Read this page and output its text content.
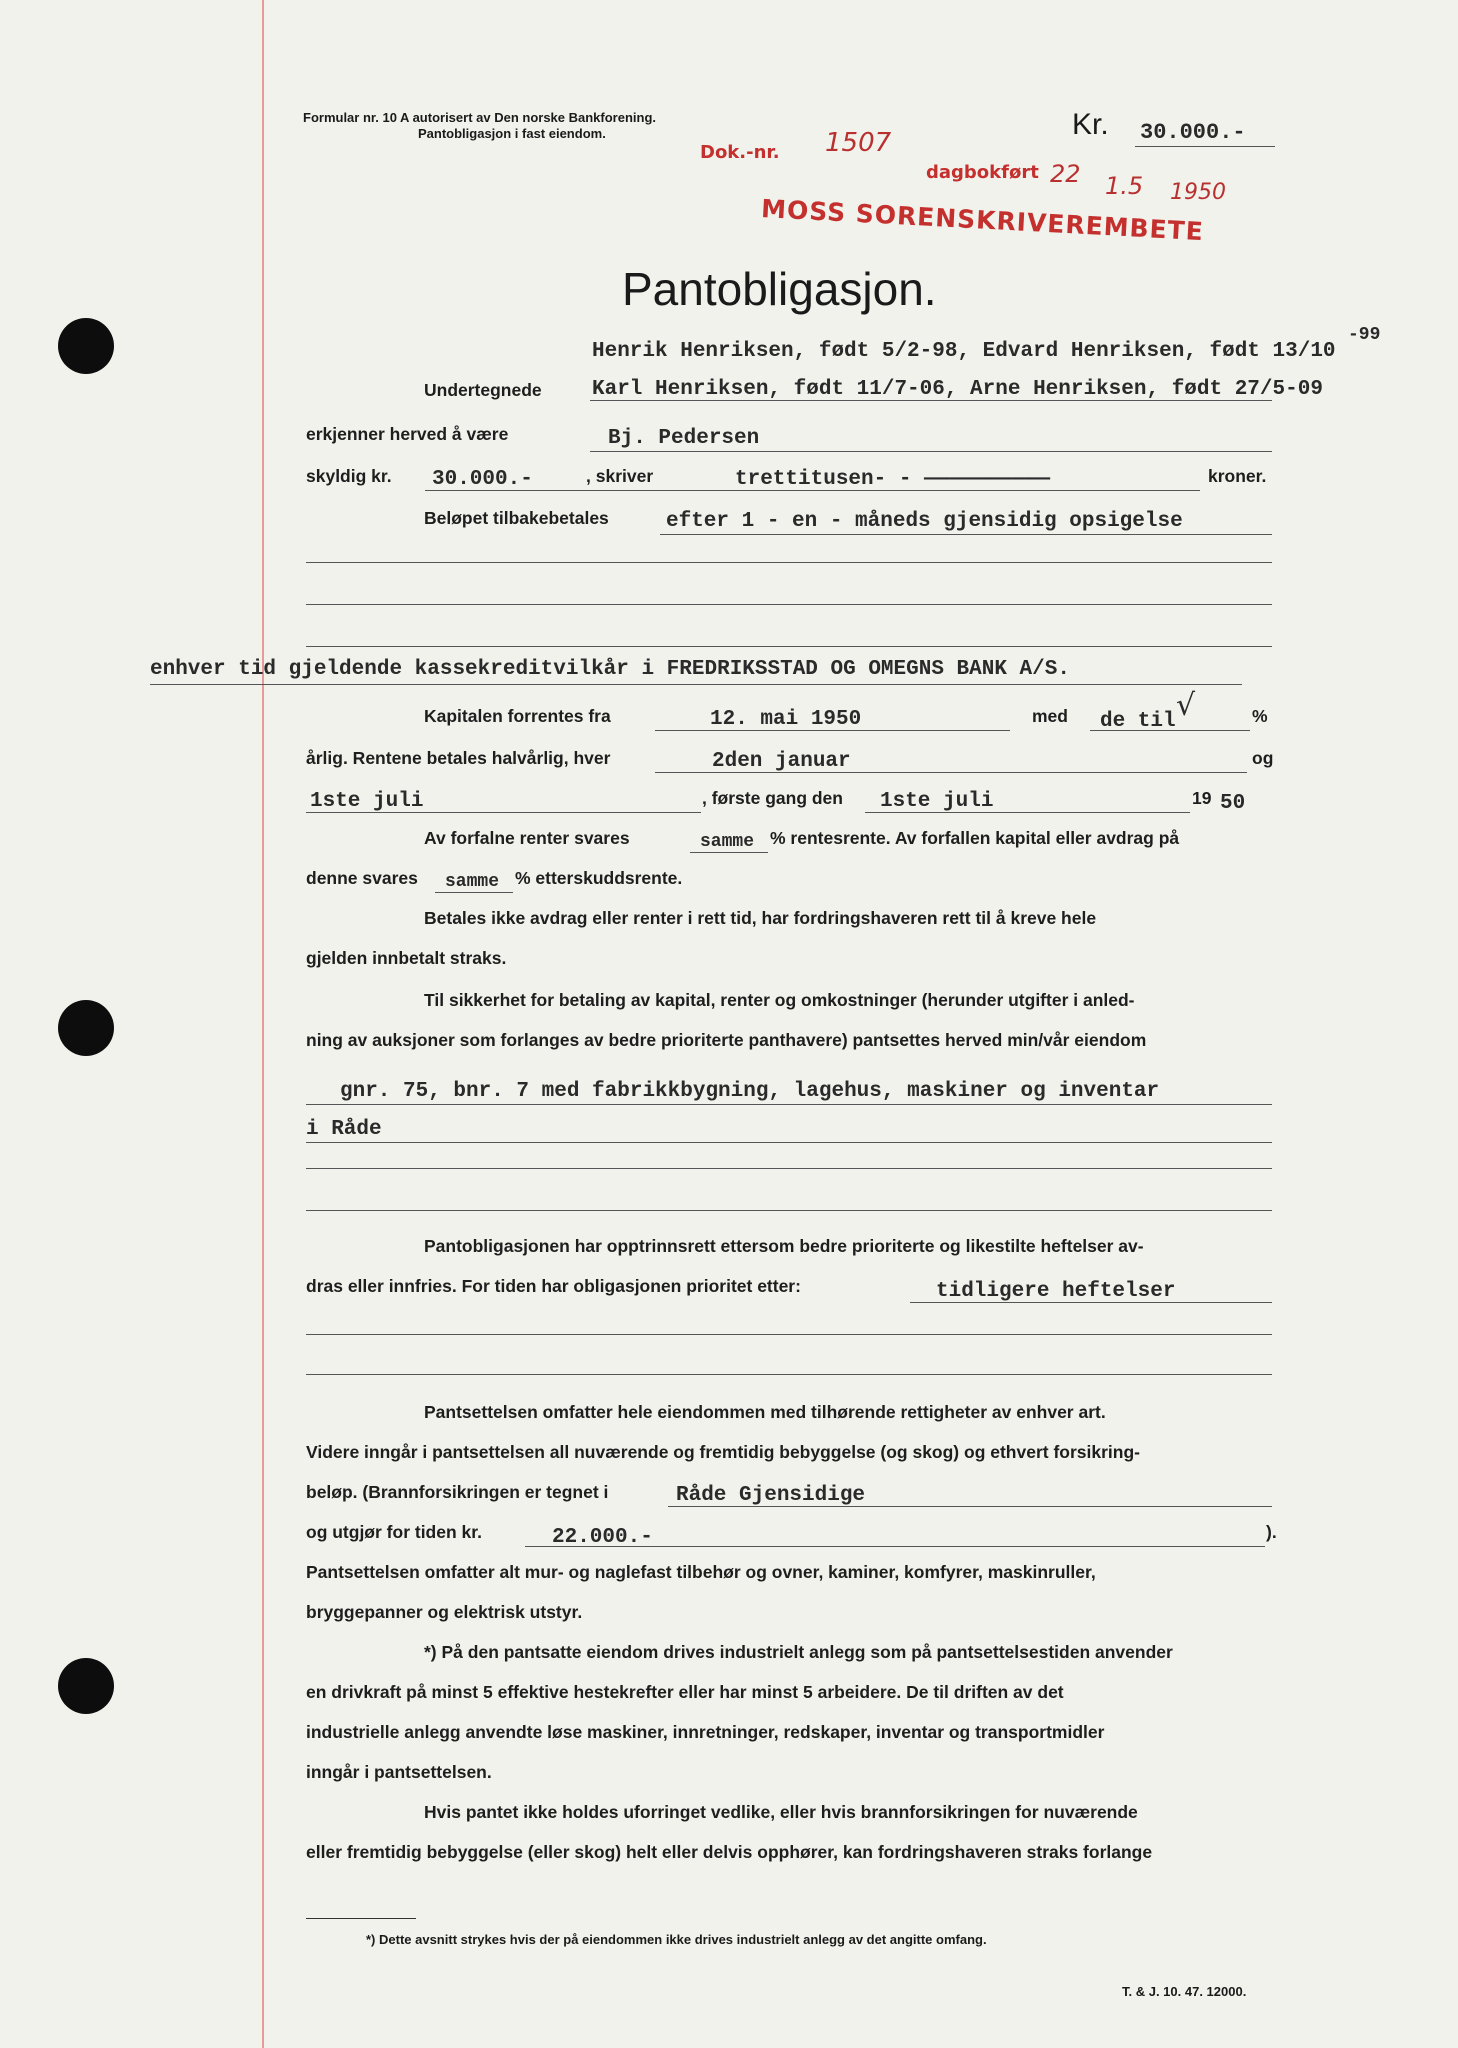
Formular nr. 10 A autorisert av Den norske Bankforening.
Pantobligasjon i fast eiendom.	Kr. 30.000.-
Dok.-nr. 1507
dagbokført 22 1.5 1950
MOSS SORENSKRIVEREMBETE
Pantobligasjon.
Henrik Henriksen, født 5/2-98, Edvard Henriksen, født 13/10
-99
Undertegnede Karl Henriksen, født 11/7-06, Arne Henriksen, født 27/5-09
erkjenner herved å være	Bj. Pedersen
skyldig kr. 30.000.-	, skriver	trettitusen- - ——————————	kroner.
Beløpet tilbakebetales	efter 1 - en - måneds gjensidig opsigelse
enhver tid gjeldende kassekreditvilkår i FREDRIKSSTAD OG OMEGNS BANK A/S.
Kapitalen forrentes fra	12. mai 1950	med de til √	%
årlig. Rentene betales halvårlig, hver	2den januar	og
1ste juli	, første gang den 1ste juli	19 50
Av forfalne renter svares	samme % rentesrente. Av forfallen kapital eller avdrag på
denne svares samme % etterskuddsrente.
Betales ikke avdrag eller renter i rett tid, har fordringshaveren rett til å kreve hele
gjelden innbetalt straks.
Til sikkerhet for betaling av kapital, renter og omkostninger (herunder utgifter i anled-
ning av auksjoner som forlanges av bedre prioriterte panthavere) pantsettes herved min/vår eiendom
gnr. 75, bnr. 7 med fabrikkbygning, lagehus, maskiner og inventar
i Råde
Pantobligasjonen har opptrinnsrett ettersom bedre prioriterte og likestilte heftelser av-
dras eller innfries. For tiden har obligasjonen prioritet etter:	tidligere heftelser
Pantsettelsen omfatter hele eiendommen med tilhørende rettigheter av enhver art.
Videre inngår i pantsettelsen all nuværende og fremtidig bebyggelse (og skog) og ethvert forsikring-
beløp. (Brannforsikringen er tegnet i	Råde Gjensidige
og utgjør for tiden kr.	22.000.-	).
Pantsettelsen omfatter alt mur- og naglefast tilbehør og ovner, kaminer, komfyrer, maskinruller,
bryggepanner og elektrisk utstyr.
*) På den pantsatte eiendom drives industrielt anlegg som på pantsettelsestiden anvender
en drivkraft på minst 5 effektive hestekrefter eller har minst 5 arbeidere. De til driften av det
industrielle anlegg anvendte løse maskiner, innretninger, redskaper, inventar og transportmidler
inngår i pantsettelsen.
Hvis pantet ikke holdes uforringet vedlike, eller hvis brannforsikringen for nuværende
eller fremtidig bebyggelse (eller skog) helt eller delvis opphører, kan fordringshaveren straks forlange
*) Dette avsnitt strykes hvis der på eiendommen ikke drives industrielt anlegg av det angitte omfang.
T. & J. 10. 47. 12000.
